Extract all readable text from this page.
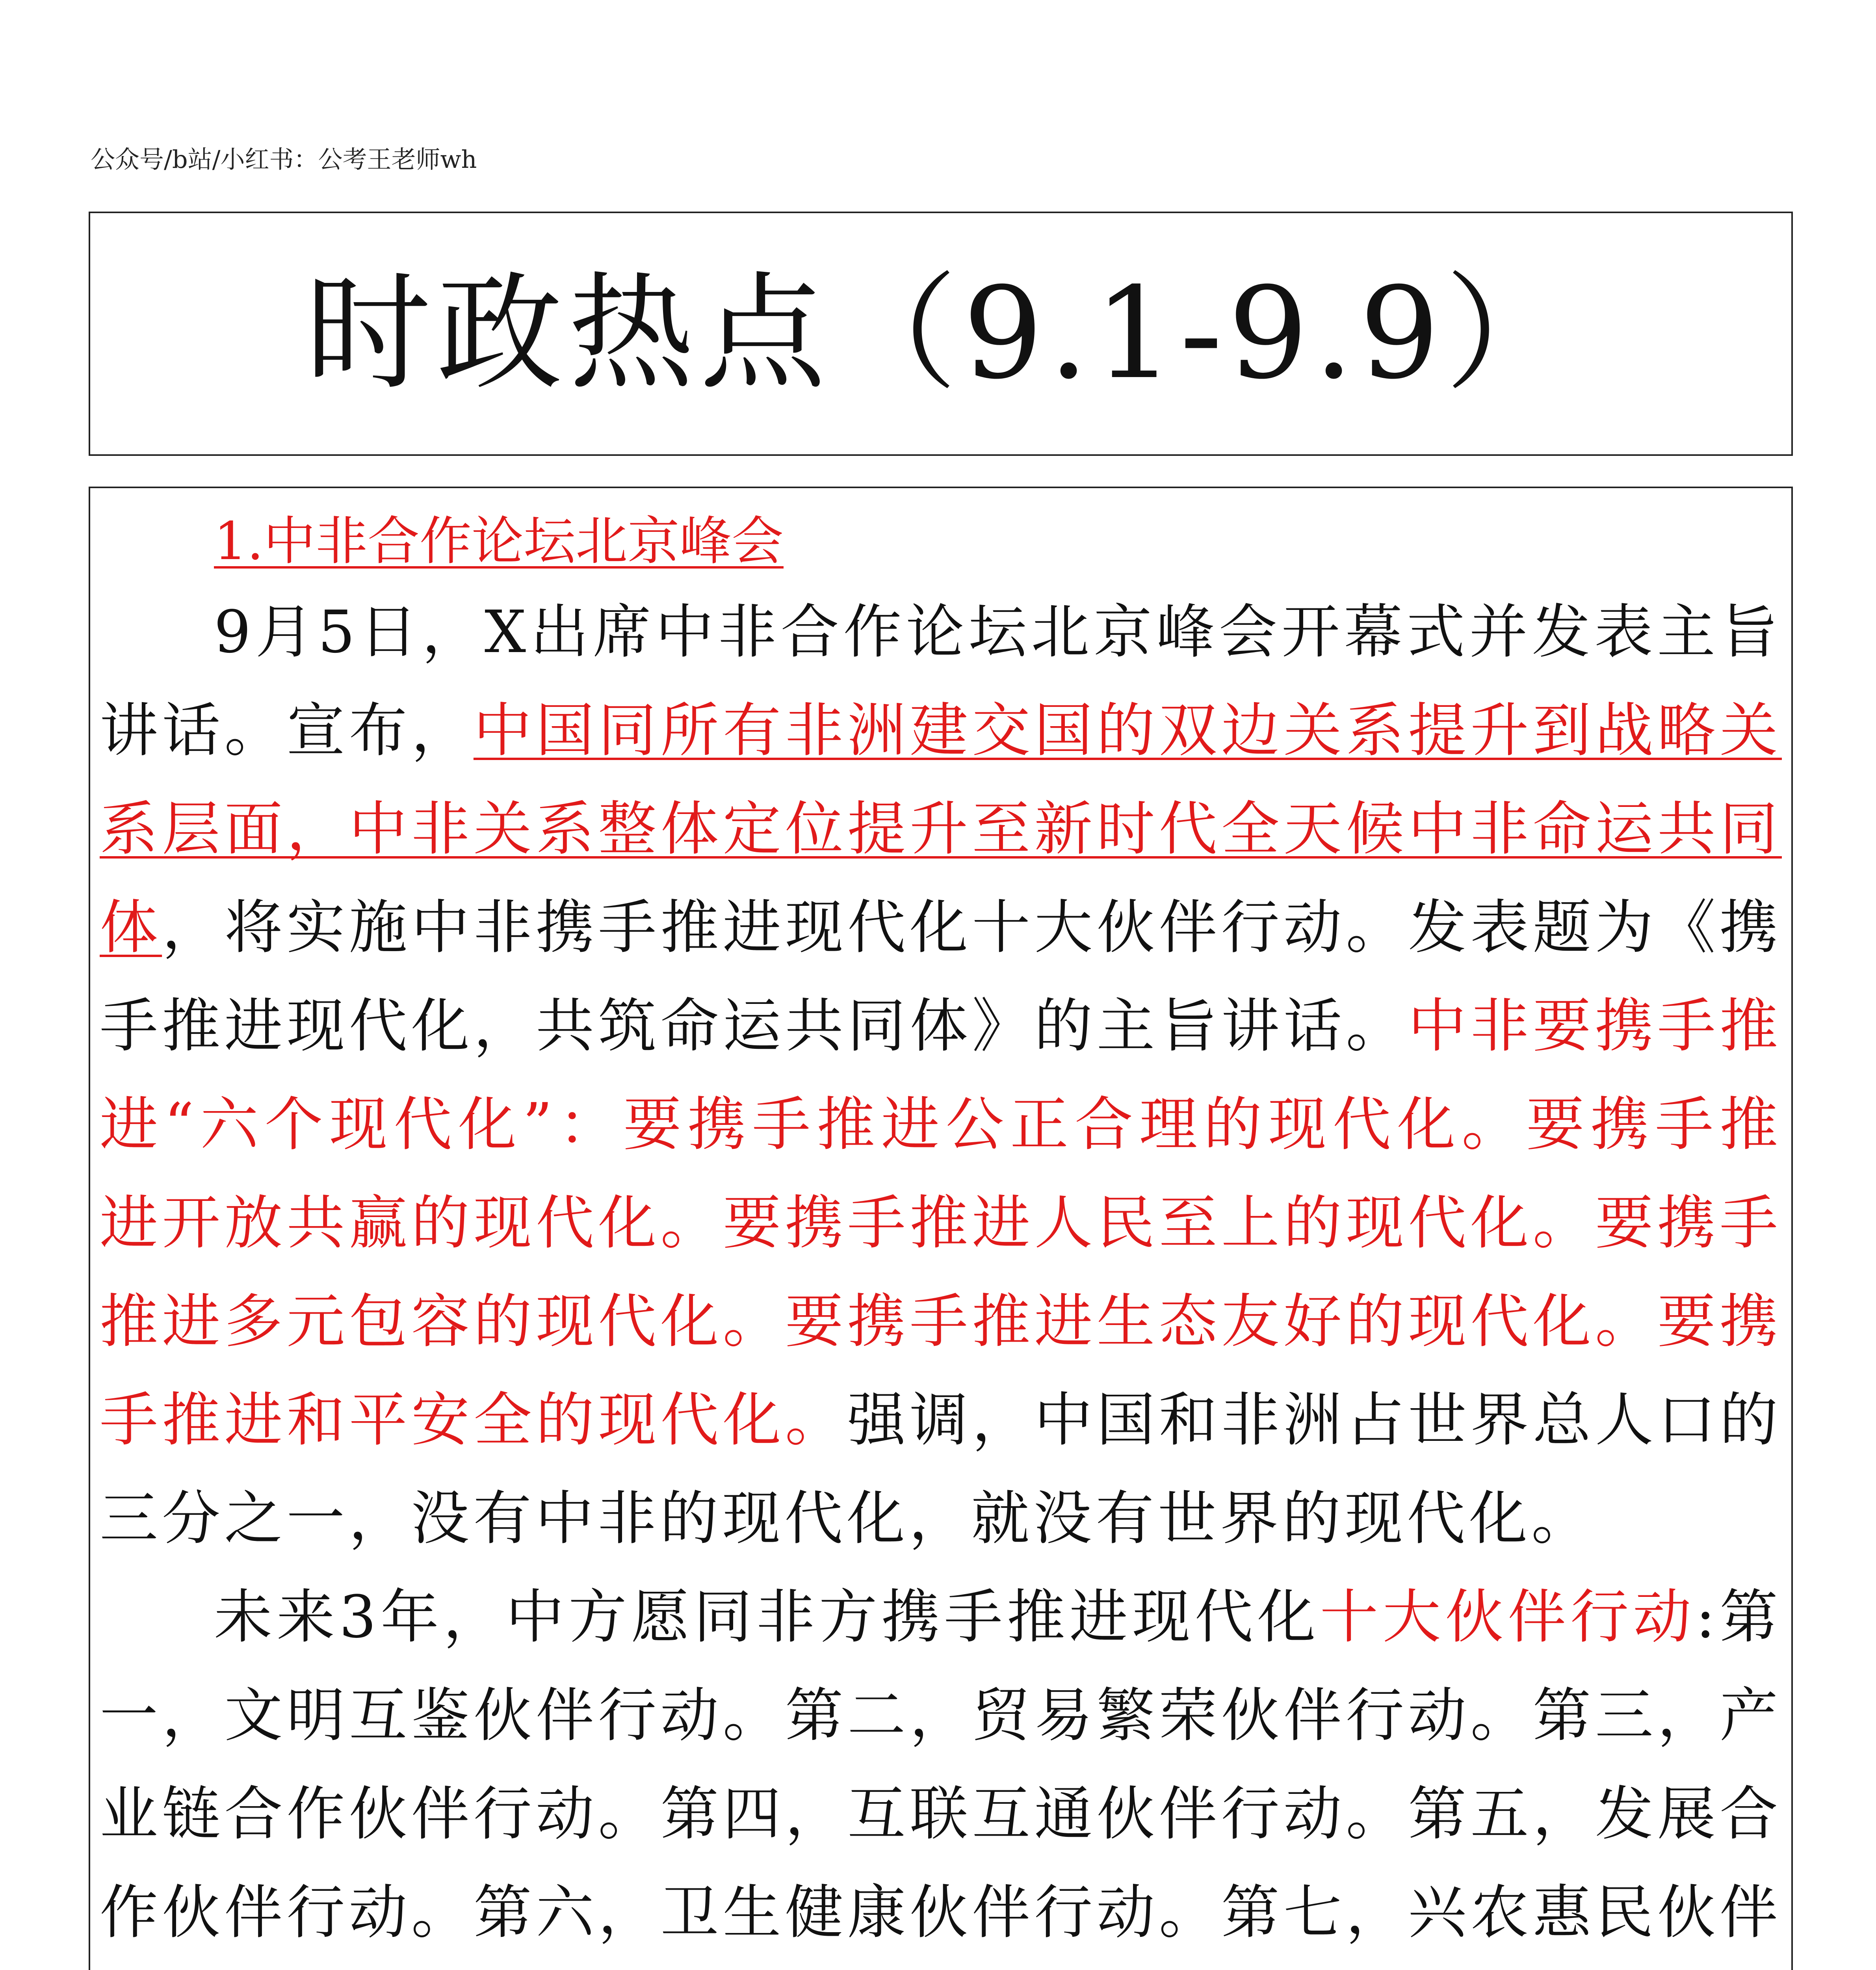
公众号/b站/小红书：公考王老师wh
时政热点（9.1-9.9）

1.中非合作论坛北京峰会

9月5日，X出席中非合作论坛北京峰会开幕式并发表主旨讲话。宣布，中国同所有非洲建交国的双边关系提升到战略关系层面，中非关系整体定位提升至新时代全天候中非命运共同体，将实施中非携手推进现代化十大伙伴行动。发表题为《携手推进现代化，共筑命运共同体》的主旨讲话。中非要携手推进“六个现代化”：要携手推进公正合理的现代化。要携手推进开放共赢的现代化。要携手推进人民至上的现代化。要携手推进多元包容的现代化。要携手推进生态友好的现代化。要携手推进和平安全的现代化。强调，中国和非洲占世界总人口的三分之一，没有中非的现代化，就没有世界的现代化。

未来3年，中方愿同非方携手推进现代化十大伙伴行动:第一，文明互鉴伙伴行动。第二，贸易繁荣伙伴行动。第三，产业链合作伙伴行动。第四，互联互通伙伴行动。第五，发展合作伙伴行动。第六，卫生健康伙伴行动。第七，兴农惠民伙伴
